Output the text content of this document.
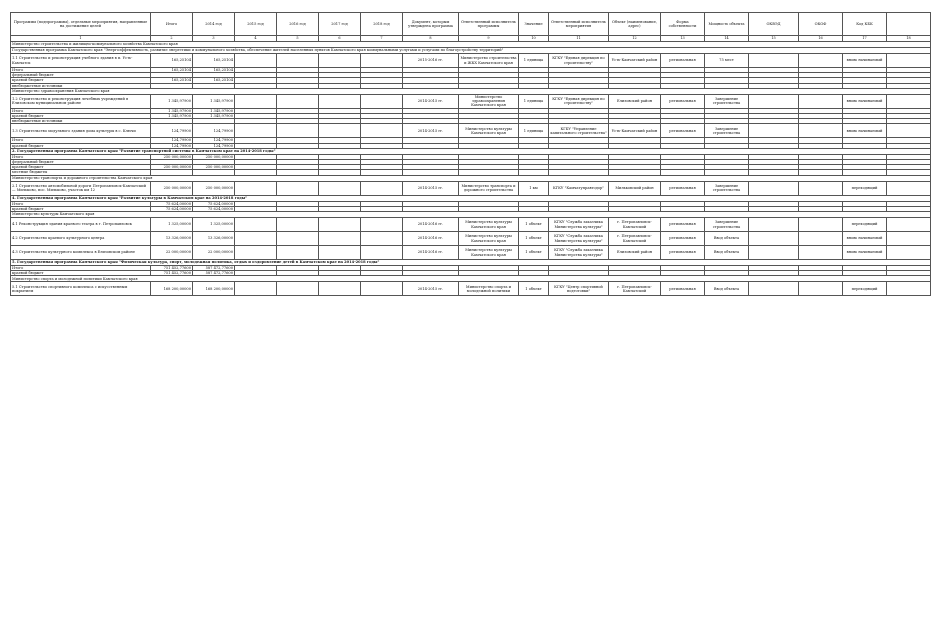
Программы (подпрограммы), отдельные мероприятия, направленные на достижение целей	Итого	2014 год	2015 год	2016 год	2017 год	2018 год	Документ, которым утверждена программа	Ответственный исполнитель программы	Значение	Ответственный исполнитель мероприятия	Объект (наименование, адрес)	Форма собственности	Мощность объекта	ОКВЭД	ОКОФ	Код КБК	
1	2	3	4	5	6	7	8	9	10	11	12	13	14	15	16	17	18
Министерство строительства и жилищно-коммунального хозяйства Камчатского края																	
Государственная программа Камчатского края "Энергоэффективность, развитие энергетики и коммунального хозяйства, обеспечение жителей населенных пунктов Камчатского края коммунальными услугами и услугами по благоустройству территорий"																	
1.1 Строительство и реконструкция учебного здания в п. Усть-Камчатск	165,25104	165,25104					2015-2016 гг.	Министерство строительства и ЖКХ Камчатского края	1 единица	КГКУ "Единая дирекция по строительству"	Усть-Камчатский район	региональная	75 мест			вновь начинаемый	
Итого	165,25104	165,25104															
федеральный бюджет																	
краевой бюджет	165,25104	165,25104															
внебюджетные источники																	
Министерство здравоохранения Камчатского края																	
1.2 Строительство и реконструкция лечебных учреждений в Елизовском муниципальном районе	1 345,97900	1 345,97900					2014-2015 гг.	Министерство здравоохранения Камчатского края	1 единица	КГКУ "Единая дирекция по строительству"	Елизовский район	региональная	Завершение строительства			вновь начинаемый	
Итого	1 345,97900	1 345,97900															
краевой бюджет	1 345,97900	1 345,97900															
внебюджетные источники																	
1.3 Строительство модульного здания дома культуры в с. Ключи	124,79900	124,79900					2014-2015 гг.	Министерство культуры Камчатского края	1 единица	КГБУ "Управление капитального строительства"	Усть-Камчатский район	региональная	Завершение строительства			вновь начинаемый	
Итого	124,79900	124,79900															
краевой бюджет	124,79900	124,79900															
2. Государственная программа Камчатского края "Развитие транспортной системы в Камчатском крае на 2014-2018 годы"																	
Итого	250 000,00000	250 000,00000															
федеральный бюджет																	
краевой бюджет	250 000,00000	250 000,00000															
местные бюджеты																	
Министерство транспорта и дорожного строительства Камчатского края																	
2.1 Строительство автомобильной дороги Петропавловск-Камчатский — Мильково, пос. Мильково, участок км 12	250 000,00000	250 000,00000					2014-2015 гг.	Министерство транспорта и дорожного строительства	1 км	КГКУ "Камчатуправтодор"	Мильковский район	региональная	Завершение строительства			переходящий	
4. Государственная программа Камчатского края "Развитие культуры в Камчатском крае на 2014-2018 годы"																	
Итого	75 624,00000	75 624,00000															
краевой бюджет	75 624,00000	75 624,00000															
Министерство культуры Камчатского края																	
4.1 Реконструкция здания краевого театра в г. Петропавловск	1 325,00000	1 325,00000					2014-2016 гг.	Министерство культуры Камчатского края	1 объект	КГКУ "Служба заказчика Министерства культуры"	г. Петропавловск-Камчатский	региональная	Завершение строительства			переходящий	
4.2 Строительство краевого культурного центра	13 326,00000	13 326,00000					2014-2016 гг.	Министерство культуры Камчатского края	1 объект	КГКУ "Служба заказчика Министерства культуры"	г. Петропавловск-Камчатский	региональная	Ввод объекта			вновь начинаемый	
4.3 Строительство культурного комплекса в Елизовском районе	22 000,00000	22 000,00000					2014-2016 гг.	Министерство культуры Камчатского края	1 объект	КГКУ "Служба заказчика Министерства культуры"	Елизовский район	региональная	Ввод объекта			вновь начинаемый	
5. Государственная программа Камчатского края "Физическая культура, спорт, молодежная политика, отдых и оздоровление детей в Камчатском крае на 2014-2018 годы"																	
Итого	751 452,77600	587 472,77600															
краевой бюджет	751 452,77600	587 472,77600															
Министерство спорта и молодежной политики Камчатского края																	
5.1 Строительство спортивного комплекса с искусственным покрытием	168 200,00000	168 200,00000					2014-2015 гг.	Министерство спорта и молодежной политики	1 объект	КГКУ "Центр спортивной подготовки"	г. Петропавловск-Камчатский	региональная	Ввод объекта			переходящий	
